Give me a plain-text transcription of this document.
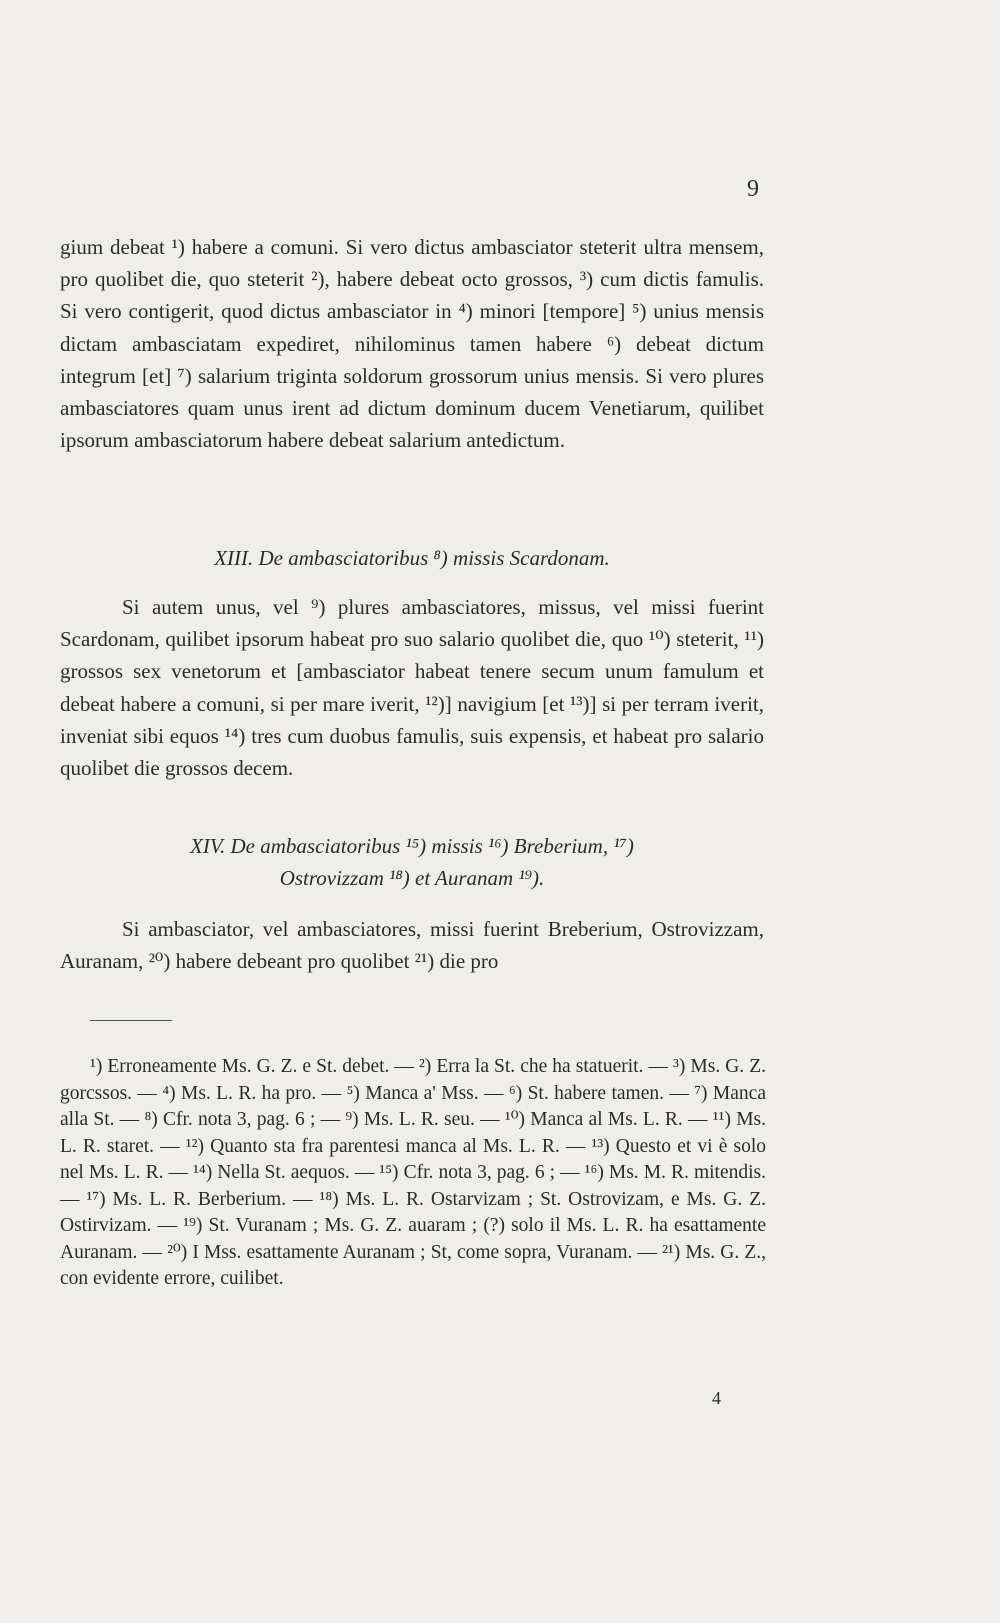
9

gium debeat ¹) habere a comuni. Si vero dictus ambasciator steterit ultra mensem, pro quolibet die, quo steterit ²), habere debeat octo grossos, ³) cum dictis famulis. Si vero contigerit, quod dictus ambasciator in ⁴) minori [tempore] ⁵) unius mensis dictam ambasciatam expediret, nihilominus tamen habere ⁶) debeat dictum integrum [et] ⁷) salarium triginta soldorum grossorum unius mensis. Si vero plures ambasciatores quam unus irent ad dictum dominum ducem Venetiarum, quilibet ipsorum ambasciatorum habere debeat salarium antedictum.

XIII. De ambasciatoribus ⁸) missis Scardonam.

Si autem unus, vel ⁹) plures ambasciatores, missus, vel missi fuerint Scardonam, quilibet ipsorum habeat pro suo salario quolibet die, quo ¹⁰) steterit, ¹¹) grossos sex venetorum et [ambasciator habeat tenere secum unum famulum et debeat habere a comuni, si per mare iverit, ¹²)] navigium [et ¹³)] si per terram iverit, inveniat sibi equos ¹⁴) tres cum duobus famulis, suis expensis, et habeat pro salario quolibet die grossos decem.

XIV. De ambasciatoribus ¹⁵) missis ¹⁶) Breberium, ¹⁷)
Ostrovizzam ¹⁸) et Auranam ¹⁹).

Si ambasciator, vel ambasciatores, missi fuerint Breberium, Ostrovizzam, Auranam, ²⁰) habere debeant pro quolibet ²¹) die pro

¹) Erroneamente Ms. G. Z. e St. debet. — ²) Erra la St. che ha statuerit. — ³) Ms. G. Z. gorcssos. — ⁴) Ms. L. R. ha pro. — ⁵) Manca a' Mss. — ⁶) St. habere tamen. — ⁷) Manca alla St. — ⁸) Cfr. nota 3, pag. 6 ; — ⁹) Ms. L. R. seu. — ¹⁰) Manca al Ms. L. R. — ¹¹) Ms. L. R. staret. — ¹²) Quanto sta fra parentesi manca al Ms. L. R. — ¹³) Questo et vi è solo nel Ms. L. R. — ¹⁴) Nella St. aequos. — ¹⁵) Cfr. nota 3, pag. 6 ; — ¹⁶) Ms. M. R. mitendis. — ¹⁷) Ms. L. R. Berberium. — ¹⁸) Ms. L. R. Ostarvizam ; St. Ostrovizam, e Ms. G. Z. Ostirvizam. — ¹⁹) St. Vuranam ; Ms. G. Z. auaram ; (?) solo il Ms. L. R. ha esattamente Auranam. — ²⁰) I Mss. esattamente Auranam ; St, come sopra, Vuranam. — ²¹) Ms. G. Z., con evidente errore, cuilibet.

4
